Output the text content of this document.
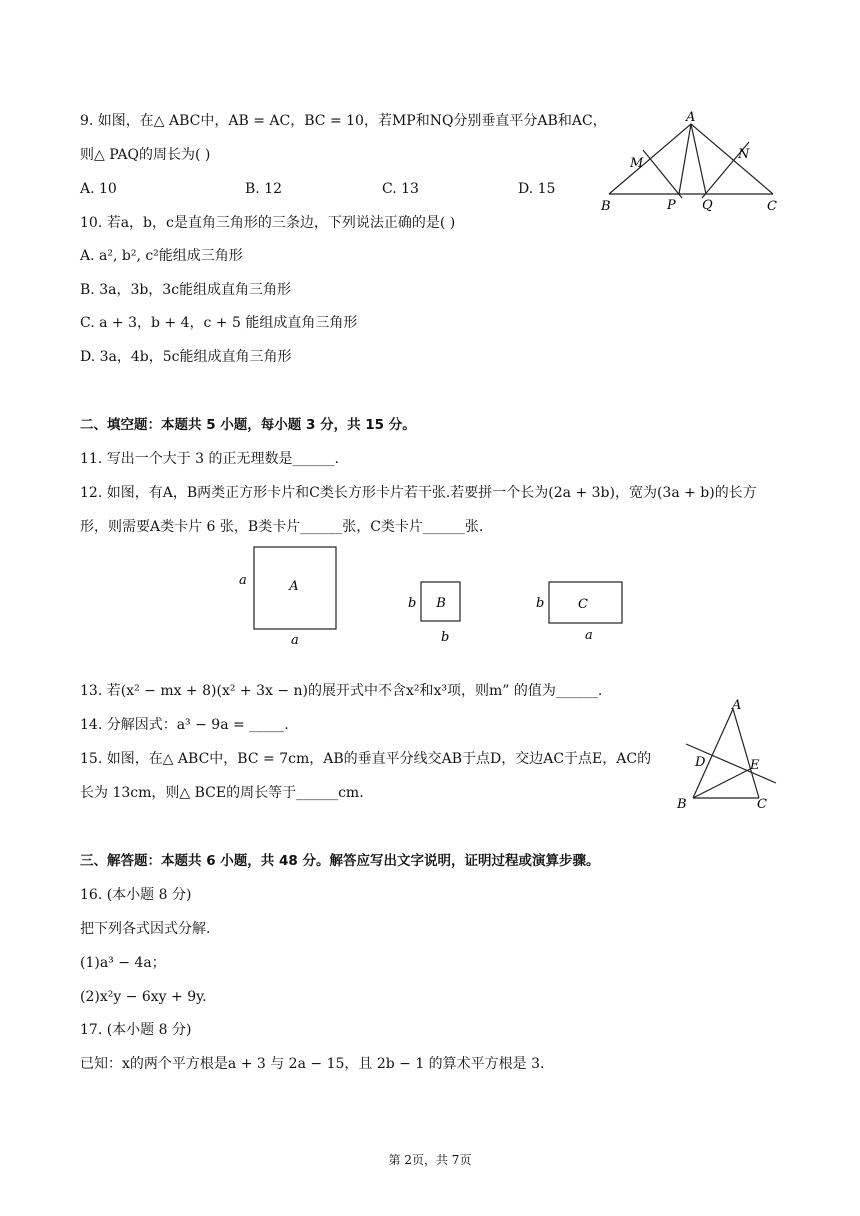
9. 如图，在△ ABC中，AB = AC，BC = 10，若MP和NQ分别垂直平分AB和AC，
则△ PAQ的周长为( )
A. 10	B. 12	C. 13	D. 15
A
M
N
B	P Q	C
10. 若a，b，c是直角三角形的三条边，下列说法正确的是( )
A. a², b², c²能组成三角形
B. 3a，3b，3c能组成直角三角形
C. a + 3，b + 4，c + 5 能组成直角三角形
D. 3a，4b，5c能组成直角三角形
二、填空题：本题共 5 小题，每小题 3 分，共 15 分。
11. 写出一个大于 3 的正无理数是______.
12. 如图，有A，B两类正方形卡片和C类长方形卡片若干张.若要拼一个长为(2a + 3b)，宽为(3a + b)的长方
形，则需要A类卡片 6 张，B类卡片______张，C类卡片______张.
A
a
a
B
b
b
C
b
a
13. 若(x² − mx + 8)(x² + 3x − n)的展开式中不含x²和x³项，则m” 的值为______.
14. 分解因式：a³ − 9a = _____.
15. 如图，在△ ABC中，BC = 7cm，AB的垂直平分线交AB于点D，交边AC于点E，AC的
长为 13cm，则△ BCE的周长等于______cm.
A
D	E
B	C
三、解答题：本题共 6 小题，共 48 分。解答应写出文字说明，证明过程或演算步骤。
16. (本小题 8 分)
把下列各式因式分解.
(1)a³ − 4a；
(2)x²y − 6xy + 9y.
17. (本小题 8 分)
已知：x的两个平方根是a + 3 与 2a − 15，且 2b − 1 的算术平方根是 3.
第 2页，共 7页
